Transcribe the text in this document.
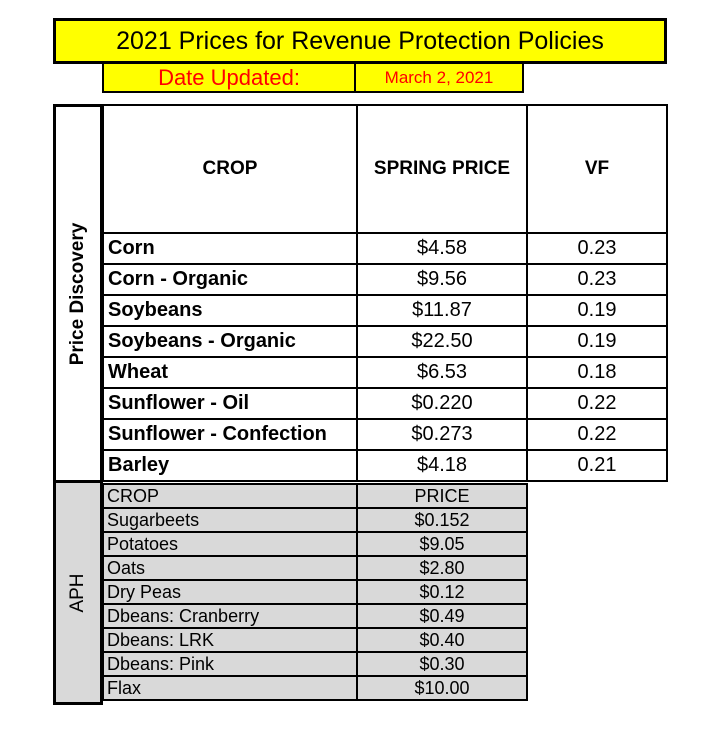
2021 Prices for Revenue Protection Policies
Date Updated:	March 2, 2021
Price Discovery
CROP	SPRING PRICE	VF
Corn	$4.58	0.23
Corn - Organic	$9.56	0.23
Soybeans	$11.87	0.19
Soybeans - Organic	$22.50	0.19
Wheat	$6.53	0.18
Sunflower - Oil	$0.220	0.22
Sunflower - Confection	$0.273	0.22
Barley	$4.18	0.21
APH
CROP	PRICE
Sugarbeets	$0.152
Potatoes	$9.05
Oats	$2.80
Dry Peas	$0.12
Dbeans: Cranberry	$0.49
Dbeans: LRK	$0.40
Dbeans: Pink	$0.30
Flax	$10.00
